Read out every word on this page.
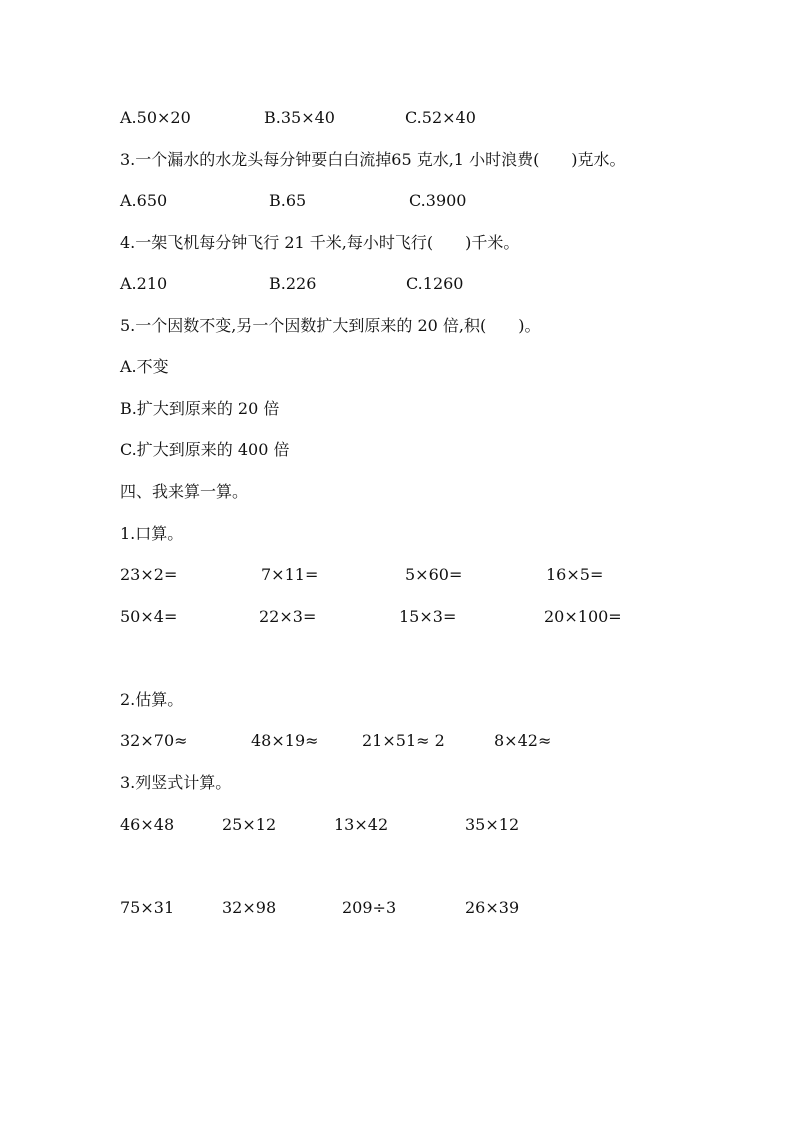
A.50×20	B.35×40	C.52×40
3.一个漏水的水龙头每分钟要白白流掉65 克水,1 小时浪费(　　)克水。
A.650	B.65	C.3900
4.一架飞机每分钟飞行 21 千米,每小时飞行(　　)千米。
A.210	B.226	C.1260
5.一个因数不变,另一个因数扩大到原来的 20 倍,积(　　)。
A.不变
B.扩大到原来的 20 倍
C.扩大到原来的 400 倍
四、我来算一算。
1.口算。
23×2=	7×11=	5×60=	16×5=
50×4=	22×3=	15×3=	20×100=
2.估算。
32×70≈	48×19≈	21×51≈ 2	8×42≈
3.列竖式计算。
46×48	25×12	13×42	35×12
75×31	32×98	209÷3	26×39
